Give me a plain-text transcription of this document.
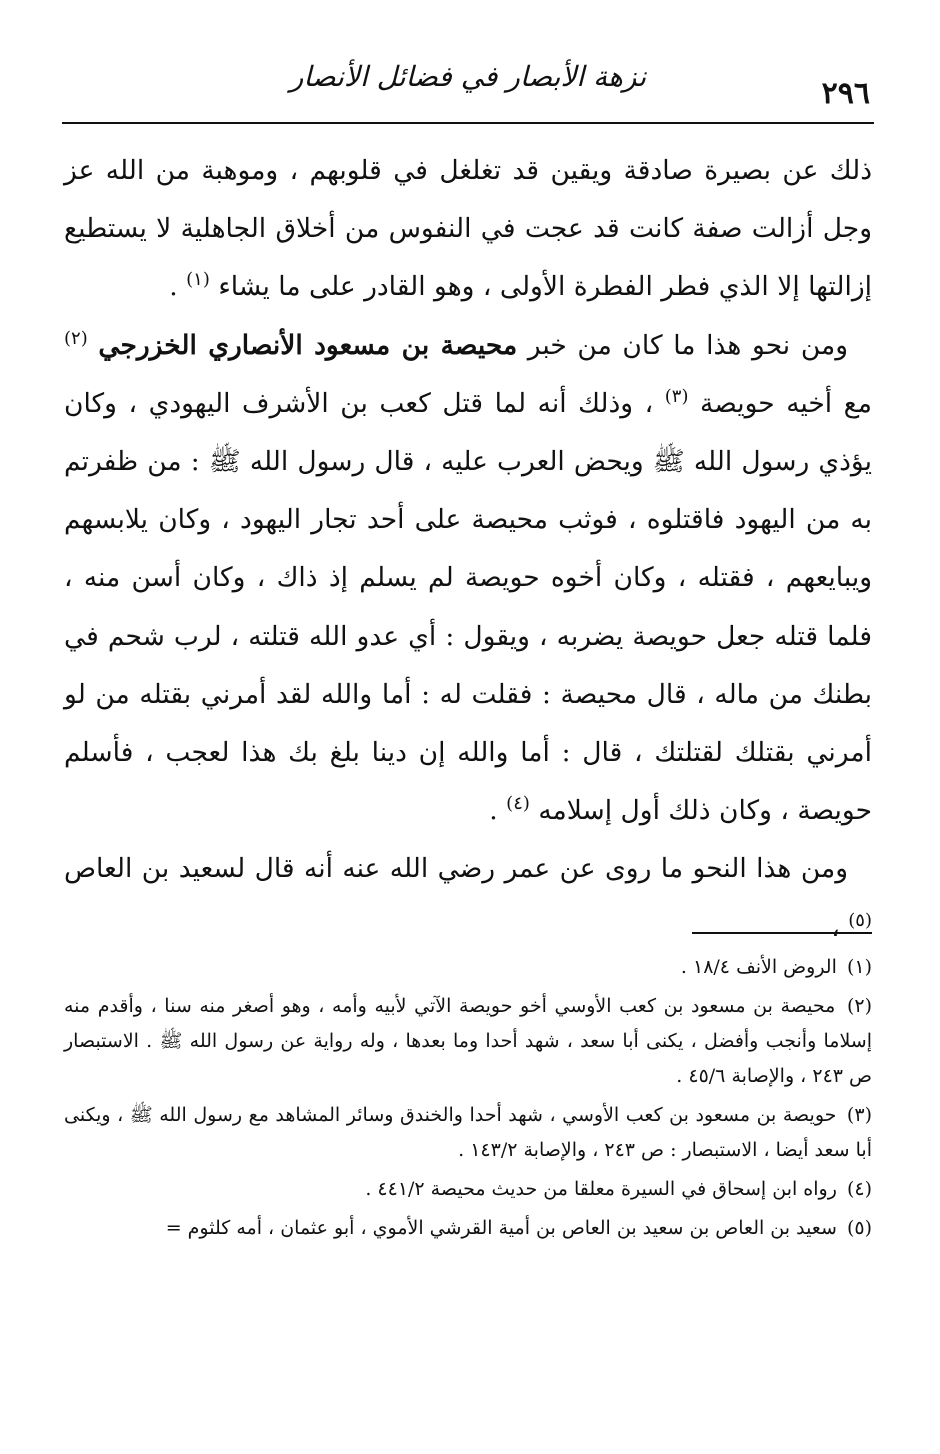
٢٩٦
نزهة الأبصار في فضائل الأنصار

ذلك عن بصيرة صادقة ويقين قد تغلغل في قلوبهم ، وموهبة من الله عز وجل أزالت صفة كانت قد عجت في النفوس من أخلاق الجاهلية لا يستطيع إزالتها إلا الذي فطر الفطرة الأولى ، وهو القادر على ما يشاء $^{(١)}$ .

ومن نحو هذا ما كان من خبر محيصة بن مسعود الأنصاري الخزرجي $^{(٢)}$ مع أخيه حويصة $^{(٣)}$ ، وذلك أنه لما قتل كعب بن الأشرف اليهودي ، وكان يؤذي رسول الله ﷺ ويحض العرب عليه ، قال رسول الله ﷺ : من ظفرتم به من اليهود فاقتلوه ، فوثب محيصة على أحد تجار اليهود ، وكان يلابسهم ويبايعهم ، فقتله ، وكان أخوه حويصة لم يسلم إذ ذاك ، وكان أسن منه ، فلما قتله جعل حويصة يضربه ، ويقول : أي عدو الله قتلته ، لرب شحم في بطنك من ماله ، قال محيصة : فقلت له : أما والله لقد أمرني بقتله من لو أمرني بقتلك لقتلتك ، قال : أما والله إن دينا بلغ بك هذا لعجب ، فأسلم حويصة ، وكان ذلك أول إسلامه $^{(٤)}$ .

ومن هذا النحو ما روى عن عمر رضي الله عنه أنه قال لسعيد بن العاص $^{(٥)}$ ،

(١) الروض الأنف ١٨/٤ .

(٢) محيصة بن مسعود بن كعب الأوسي أخو حويصة الآتي لأبيه وأمه ، وهو أصغر منه سنا ، وأقدم منه إسلاما وأنجب وأفضل ، يكنى أبا سعد ، شهد أحدا وما بعدها ، وله رواية عن رسول الله ﷺ . الاستبصار ص ٢٤٣ ، والإصابة ٤٥/٦ .

(٣) حويصة بن مسعود بن كعب الأوسي ، شهد أحدا والخندق وسائر المشاهد مع رسول الله ﷺ ، ويكنى أبا سعد أيضا ، الاستبصار : ص ٢٤٣ ، والإصابة ١٤٣/٢ .

(٤) رواه ابن إسحاق في السيرة معلقا من حديث محيصة ٤٤١/٢ .

(٥) سعيد بن العاص بن سعيد بن العاص بن أمية القرشي الأموي ، أبو عثمان ، أمه كلثوم =
